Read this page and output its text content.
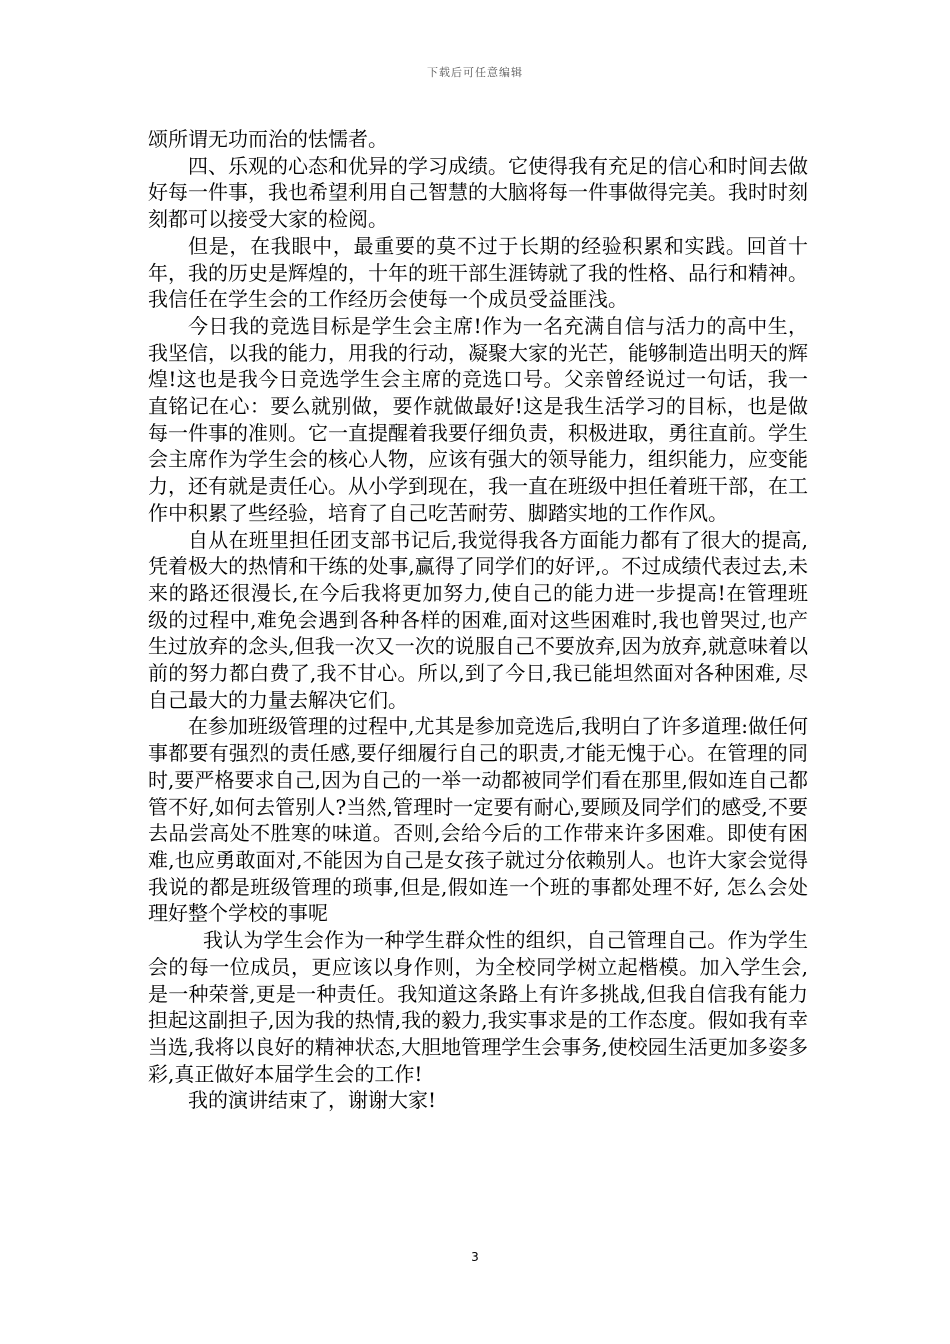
下载后可任意编辑

颂所谓无功而治的怯懦者。

四、乐观的心态和优异的学习成绩。它使得我有充足的信心和时间去做好每一件事，我也希望利用自己智慧的大脑将每一件事做得完美。我时时刻刻都可以接受大家的检阅。

但是，在我眼中，最重要的莫不过于长期的经验积累和实践。回首十年，我的历史是辉煌的，十年的班干部生涯铸就了我的性格、品行和精神。我信任在学生会的工作经历会使每一个成员受益匪浅。

今日我的竞选目标是学生会主席!作为一名充满自信与活力的高中生，我坚信，以我的能力，用我的行动，凝聚大家的光芒，能够制造出明天的辉煌!这也是我今日竞选学生会主席的竞选口号。父亲曾经说过一句话，我一直铭记在心：要么就别做，要作就做最好!这是我生活学习的目标，也是做每一件事的准则。它一直提醒着我要仔细负责，积极进取，勇往直前。学生会主席作为学生会的核心人物，应该有强大的领导能力，组织能力，应变能力，还有就是责任心。从小学到现在，我一直在班级中担任着班干部，在工作中积累了些经验，培育了自己吃苦耐劳、脚踏实地的工作作风。

自从在班里担任团支部书记后,我觉得我各方面能力都有了很大的提高,凭着极大的热情和干练的处事,赢得了同学们的好评,。不过成绩代表过去,未来的路还很漫长,在今后我将更加努力,使自己的能力进一步提高!在管理班级的过程中,难免会遇到各种各样的困难,面对这些困难时,我也曾哭过,也产生过放弃的念头,但我一次又一次的说服自己不要放弃,因为放弃,就意味着以前的努力都白费了,我不甘心。所以,到了今日,我已能坦然面对各种困难, 尽自己最大的力量去解决它们。

在参加班级管理的过程中,尤其是参加竞选后,我明白了许多道理:做任何事都要有强烈的责任感,要仔细履行自己的职责,才能无愧于心。在管理的同时,要严格要求自己,因为自己的一举一动都被同学们看在那里,假如连自己都管不好,如何去管别人?当然,管理时一定要有耐心,要顾及同学们的感受,不要去品尝高处不胜寒的味道。否则,会给今后的工作带来许多困难。即使有困难,也应勇敢面对,不能因为自己是女孩子就过分依赖别人。也许大家会觉得我说的都是班级管理的琐事,但是,假如连一个班的事都处理不好, 怎么会处理好整个学校的事呢

我认为学生会作为一种学生群众性的组织，自己管理自己。作为学生会的每一位成员，更应该以身作则，为全校同学树立起楷模。加入学生会,是一种荣誉,更是一种责任。我知道这条路上有许多挑战,但我自信我有能力担起这副担子,因为我的热情,我的毅力,我实事求是的工作态度。假如我有幸当选,我将以良好的精神状态,大胆地管理学生会事务,使校园生活更加多姿多彩,真正做好本届学生会的工作!

我的演讲结束了，谢谢大家!

3
